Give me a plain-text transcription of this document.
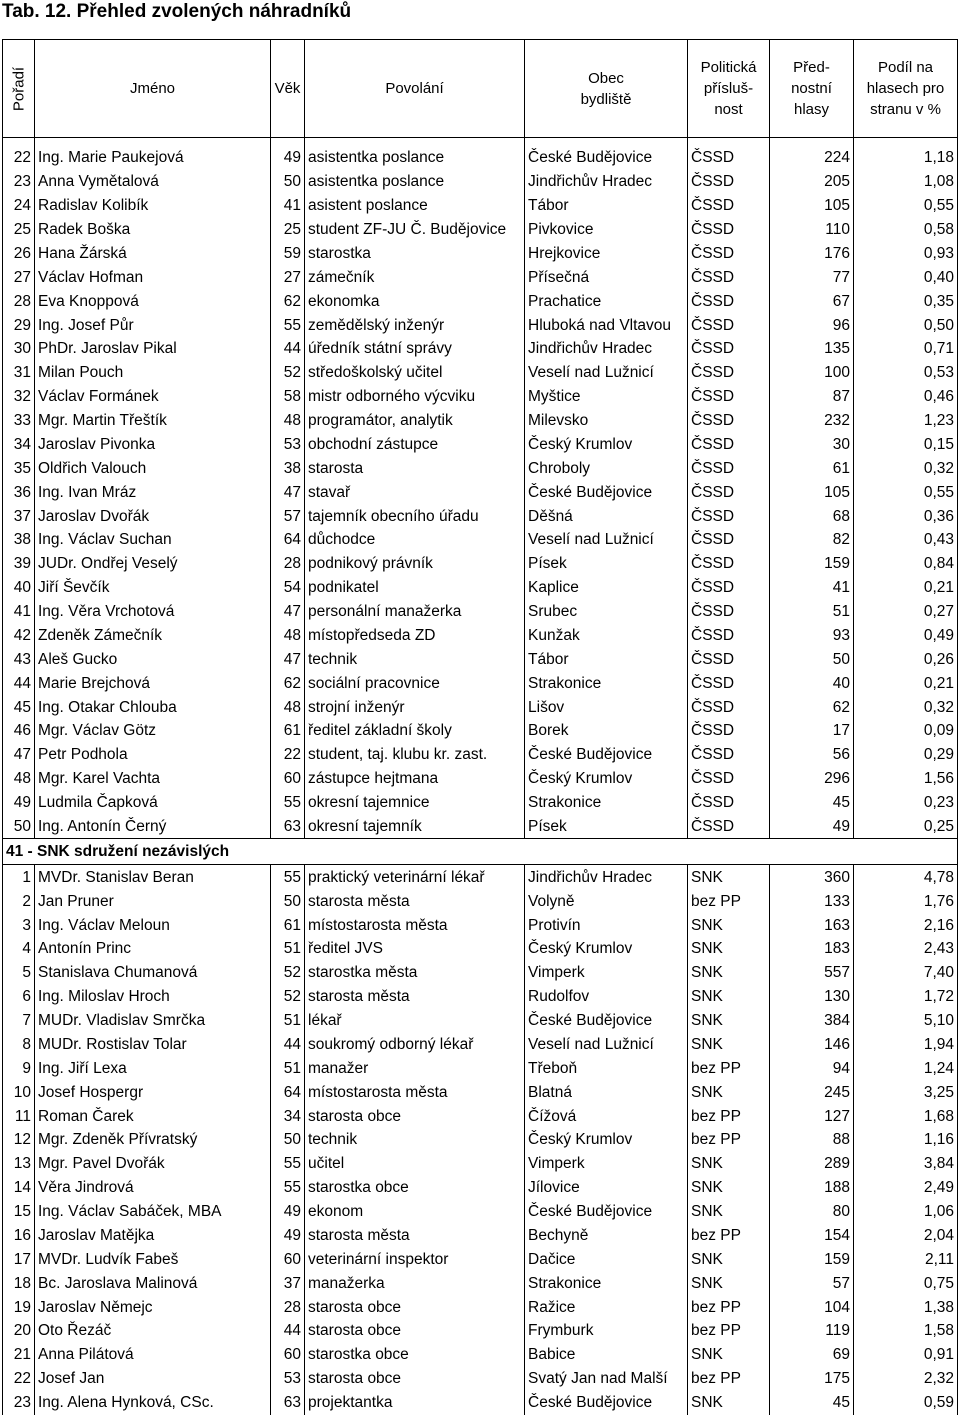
Tab. 12. Přehled zvolených náhradníků
Pořadí	Jméno	Věk	Povolání	Obec bydliště	Politická přísluš-nost	Před-nostní hlasy	Podíl na hlasech pro stranu v %

22	Ing. Marie Paukejová	49	asistentka poslance	České Budějovice	ČSSD	224	1,18
23	Anna Vymětalová	50	asistentka poslance	Jindřichův Hradec	ČSSD	205	1,08
24	Radislav Kolibík	41	asistent poslance	Tábor	ČSSD	105	0,55
25	Radek Boška	25	student ZF-JU Č. Budějovice	Pivkovice	ČSSD	110	0,58
26	Hana Žárská	59	starostka	Hrejkovice	ČSSD	176	0,93
27	Václav Hofman	27	zámečník	Přísečná	ČSSD	77	0,40
28	Eva Knoppová	62	ekonomka	Prachatice	ČSSD	67	0,35
29	Ing. Josef Půr	55	zemědělský inženýr	Hluboká nad Vltavou	ČSSD	96	0,50
30	PhDr. Jaroslav Pikal	44	úředník státní správy	Jindřichův Hradec	ČSSD	135	0,71
31	Milan Pouch	52	středoškolský učitel	Veselí nad Lužnicí	ČSSD	100	0,53
32	Václav Formánek	58	mistr odborného výcviku	Myštice	ČSSD	87	0,46
33	Mgr. Martin Třeštík	48	programátor, analytik	Milevsko	ČSSD	232	1,23
34	Jaroslav Pivonka	53	obchodní zástupce	Český Krumlov	ČSSD	30	0,15
35	Oldřich Valouch	38	starosta	Chroboly	ČSSD	61	0,32
36	Ing. Ivan Mráz	47	stavař	České Budějovice	ČSSD	105	0,55
37	Jaroslav Dvořák	57	tajemník obecního úřadu	Děšná	ČSSD	68	0,36
38	Ing. Václav Suchan	64	důchodce	Veselí nad Lužnicí	ČSSD	82	0,43
39	JUDr. Ondřej Veselý	28	podnikový právník	Písek	ČSSD	159	0,84
40	Jiří Ševčík	54	podnikatel	Kaplice	ČSSD	41	0,21
41	Ing. Věra Vrchotová	47	personální manažerka	Srubec	ČSSD	51	0,27
42	Zdeněk Zámečník	48	místopředseda ZD	Kunžak	ČSSD	93	0,49
43	Aleš Gucko	47	technik	Tábor	ČSSD	50	0,26
44	Marie Brejchová	62	sociální pracovnice	Strakonice	ČSSD	40	0,21
45	Ing. Otakar Chlouba	48	strojní inženýr	Lišov	ČSSD	62	0,32
46	Mgr. Václav Götz	61	ředitel základní školy	Borek	ČSSD	17	0,09
47	Petr Podhola	22	student, taj. klubu kr. zast.	České Budějovice	ČSSD	56	0,29
48	Mgr. Karel Vachta	60	zástupce hejtmana	Český Krumlov	ČSSD	296	1,56
49	Ludmila Čapková	55	okresní tajemnice	Strakonice	ČSSD	45	0,23
50	Ing. Antonín Černý	63	okresní tajemník	Písek	ČSSD	49	0,25
41 - SNK sdružení nezávislých							
1	MVDr. Stanislav Beran	55	praktický veterinární lékař	Jindřichův Hradec	SNK	360	4,78
2	Jan Pruner	50	starosta města	Volyně	bez PP	133	1,76
3	Ing. Václav Meloun	61	místostarosta města	Protivín	SNK	163	2,16
4	Antonín Princ	51	ředitel JVS	Český Krumlov	SNK	183	2,43
5	Stanislava Chumanová	52	starostka města	Vimperk	SNK	557	7,40
6	Ing. Miloslav Hroch	52	starosta města	Rudolfov	SNK	130	1,72
7	MUDr. Vladislav Smrčka	51	lékař	České Budějovice	SNK	384	5,10
8	MUDr. Rostislav Tolar	44	soukromý odborný lékař	Veselí nad Lužnicí	SNK	146	1,94
9	Ing. Jiří Lexa	51	manažer	Třeboň	bez PP	94	1,24
10	Josef Hospergr	64	místostarosta města	Blatná	SNK	245	3,25
11	Roman Čarek	34	starosta obce	Čížová	bez PP	127	1,68
12	Mgr. Zdeněk Přívratský	50	technik	Český Krumlov	bez PP	88	1,16
13	Mgr. Pavel Dvořák	55	učitel	Vimperk	SNK	289	3,84
14	Věra Jindrová	55	starostka obce	Jílovice	SNK	188	2,49
15	Ing. Václav Sabáček, MBA	49	ekonom	České Budějovice	SNK	80	1,06
16	Jaroslav Matějka	49	starosta města	Bechyně	bez PP	154	2,04
17	MVDr. Ludvík Fabeš	60	veterinární inspektor	Dačice	SNK	159	2,11
18	Bc. Jaroslava Malinová	37	manažerka	Strakonice	SNK	57	0,75
19	Jaroslav Němejc	28	starosta obce	Ražice	bez PP	104	1,38
20	Oto Řezáč	44	starosta obce	Frymburk	bez PP	119	1,58
21	Anna Pilátová	60	starostka obce	Babice	SNK	69	0,91
22	Josef Jan	53	starosta obce	Svatý Jan nad Malší	bez PP	175	2,32
23	Ing. Alena Hynková, CSc.	63	projektantka	České Budějovice	SNK	45	0,59
